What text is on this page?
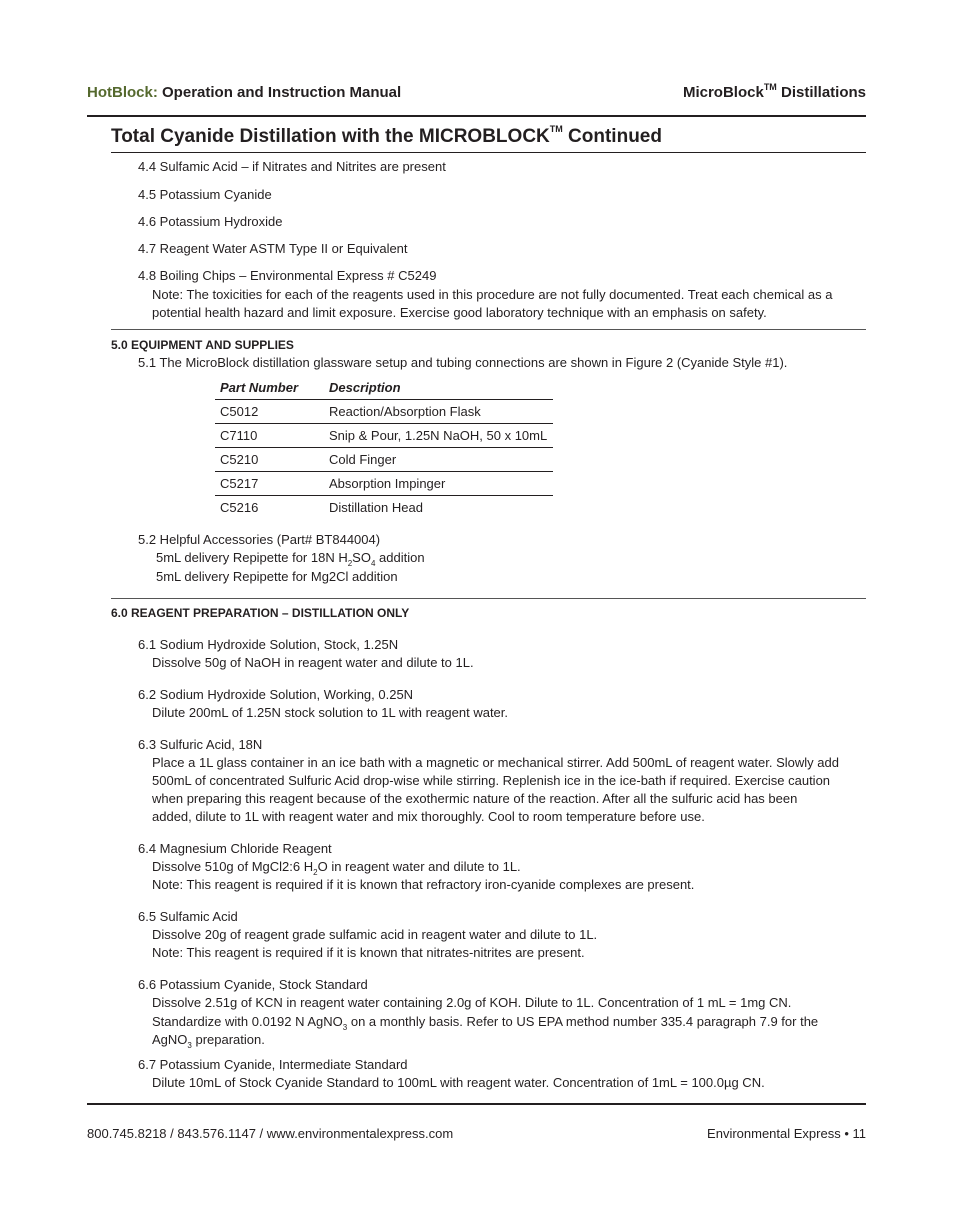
HotBlock: Operation and Instruction Manual	MicroBlock™ Distillations
Total Cyanide Distillation with the MICROBLOCK™ Continued
4.4 Sulfamic Acid – if Nitrates and Nitrites are present
4.5 Potassium Cyanide
4.6 Potassium Hydroxide
4.7 Reagent Water ASTM Type II or Equivalent
4.8 Boiling Chips – Environmental Express # C5249
Note: The toxicities for each of the reagents used in this procedure are not fully documented. Treat each chemical as a
potential health hazard and limit exposure. Exercise good laboratory technique with an emphasis on safety.
5.0 EQUIPMENT AND SUPPLIES
5.1 The MicroBlock distillation glassware setup and tubing connections are shown in Figure 2 (Cyanide Style #1).
Part Number	Description
C5012	Reaction/Absorption Flask
C7110	Snip & Pour, 1.25N NaOH, 50 x 10mL
C5210	Cold Finger
C5217	Absorption Impinger
C5216	Distillation Head
5.2 Helpful Accessories (Part# BT844004)
5mL delivery Repipette for 18N $H_2SO_4$ addition
5mL delivery Repipette for Mg2Cl addition
6.0 REAGENT PREPARATION – DISTILLATION ONLY
6.1 Sodium Hydroxide Solution, Stock, 1.25N
Dissolve 50g of NaOH in reagent water and dilute to 1L.
6.2 Sodium Hydroxide Solution, Working, 0.25N
Dilute 200mL of 1.25N stock solution to 1L with reagent water.
6.3 Sulfuric Acid, 18N
Place a 1L glass container in an ice bath with a magnetic or mechanical stirrer. Add 500mL of reagent water. Slowly add
500mL of concentrated Sulfuric Acid drop-wise while stirring. Replenish ice in the ice-bath if required. Exercise caution
when preparing this reagent because of the exothermic nature of the reaction. After all the sulfuric acid has been
added, dilute to 1L with reagent water and mix thoroughly. Cool to room temperature before use.
6.4 Magnesium Chloride Reagent
Dissolve 510g of MgCl2:6 $H_2O$ in reagent water and dilute to 1L.
Note: This reagent is required if it is known that refractory iron-cyanide complexes are present.
6.5 Sulfamic Acid
Dissolve 20g of reagent grade sulfamic acid in reagent water and dilute to 1L.
Note: This reagent is required if it is known that nitrates-nitrites are present.
6.6 Potassium Cyanide, Stock Standard
Dissolve 2.51g of KCN in reagent water containing 2.0g of KOH. Dilute to 1L. Concentration of 1 mL = 1mg CN.
Standardize with 0.0192 N AgNO$_3$ on a monthly basis. Refer to US EPA method number 335.4 paragraph 7.9 for the
AgNO$_3$ preparation.
6.7 Potassium Cyanide, Intermediate Standard
Dilute 10mL of Stock Cyanide Standard to 100mL with reagent water. Concentration of 1mL = 100.0µg CN.
800.745.8218 / 843.576.1147 / www.environmentalexpress.com	Environmental Express • 11
